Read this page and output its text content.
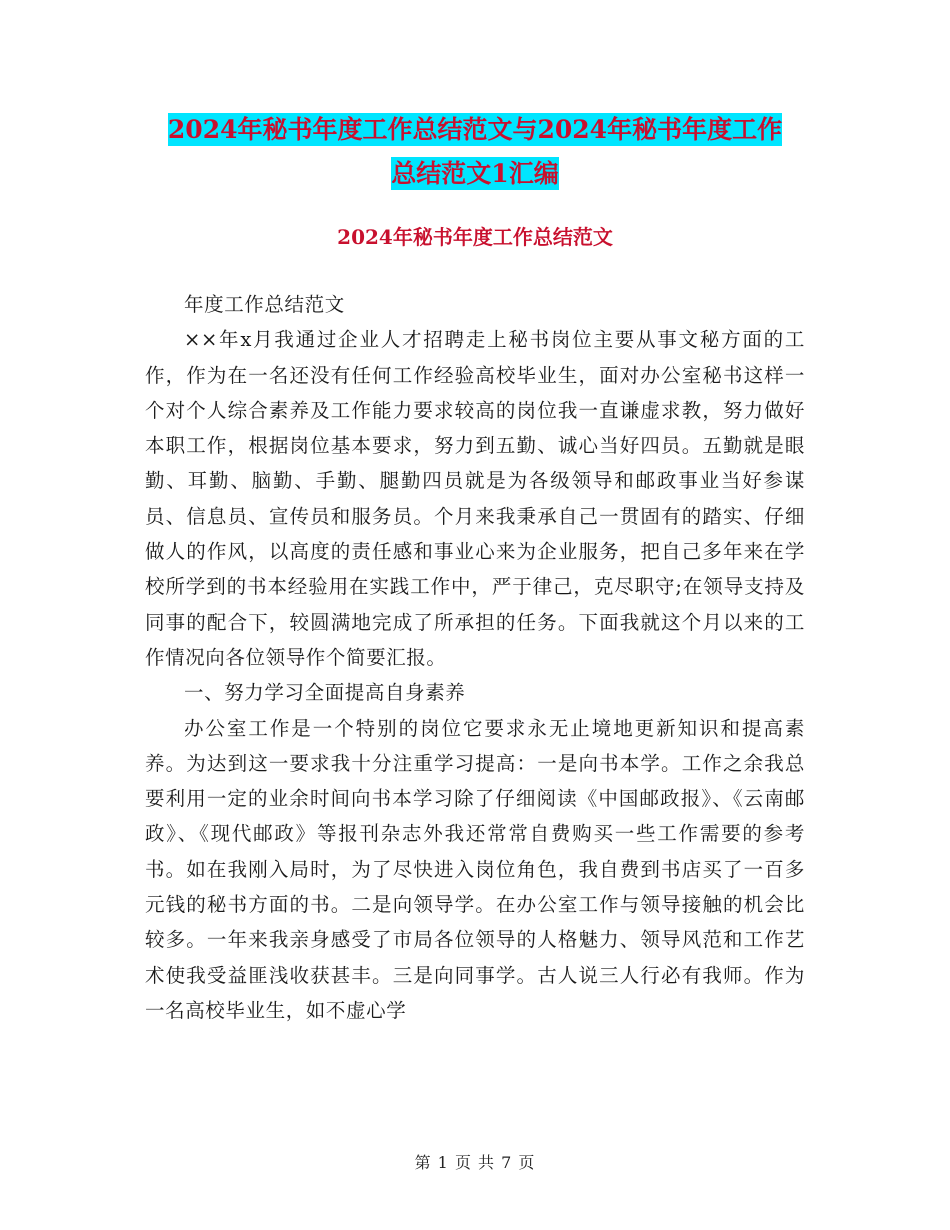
2024年秘书年度工作总结范文与2024年秘书年度工作
总结范文1汇编
2024年秘书年度工作总结范文

年度工作总结范文

××年x月我通过企业人才招聘走上秘书岗位主要从事文秘方面的工作，作为在一名还没有任何工作经验高校毕业生，面对办公室秘书这样一个对个人综合素养及工作能力要求较高的岗位我一直谦虚求教，努力做好本职工作，根据岗位基本要求，努力到五勤、诚心当好四员。五勤就是眼勤、耳勤、脑勤、手勤、腿勤四员就是为各级领导和邮政事业当好参谋员、信息员、宣传员和服务员。个月来我秉承自己一贯固有的踏实、仔细做人的作风，以高度的责任感和事业心来为企业服务，把自己多年来在学校所学到的书本经验用在实践工作中，严于律己，克尽职守;在领导支持及同事的配合下，较圆满地完成了所承担的任务。下面我就这个月以来的工作情况向各位领导作个简要汇报。

一、努力学习全面提高自身素养

办公室工作是一个特别的岗位它要求永无止境地更新知识和提高素养。为达到这一要求我十分注重学习提高：一是向书本学。工作之余我总要利用一定的业余时间向书本学习除了仔细阅读《中国邮政报》、《云南邮政》、《现代邮政》等报刊杂志外我还常常自费购买一些工作需要的参考书。如在我刚入局时，为了尽快进入岗位角色，我自费到书店买了一百多元钱的秘书方面的书。二是向领导学。在办公室工作与领导接触的机会比较多。一年来我亲身感受了市局各位领导的人格魅力、领导风范和工作艺术使我受益匪浅收获甚丰。三是向同事学。古人说三人行必有我师。作为一名高校毕业生，如不虚心学

第 1 页 共 7 页
